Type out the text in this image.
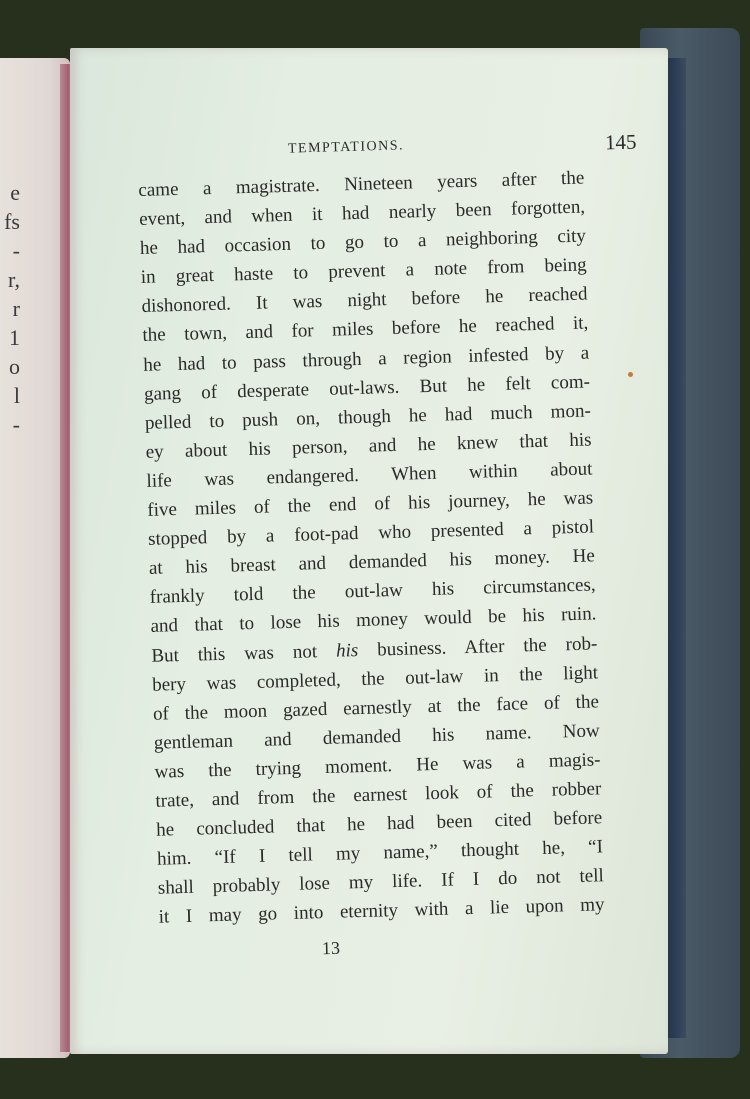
e
fs
-
r,
r
1
o
l
-
TEMPTATIONS.	145
came a magistrate. Nineteen years after the
event, and when it had nearly been forgotten,
he had occasion to go to a neighboring city
in great haste to prevent a note from being
dishonored. It was night before he reached
the town, and for miles before he reached it,
he had to pass through a region infested by a
gang of desperate out-laws. But he felt com-
pelled to push on, though he had much mon-
ey about his person, and he knew that his
life was endangered. When within about
five miles of the end of his journey, he was
stopped by a foot-pad who presented a pistol
at his breast and demanded his money. He
frankly told the out-law his circumstances,
and that to lose his money would be his ruin.
But this was not his business. After the rob-
bery was completed, the out-law in the light
of the moon gazed earnestly at the face of the
gentleman and demanded his name. Now
was the trying moment. He was a magis-
trate, and from the earnest look of the robber
he concluded that he had been cited before
him. “If I tell my name,” thought he, “I
shall probably lose my life. If I do not tell
it I may go into eternity with a lie upon my
13
